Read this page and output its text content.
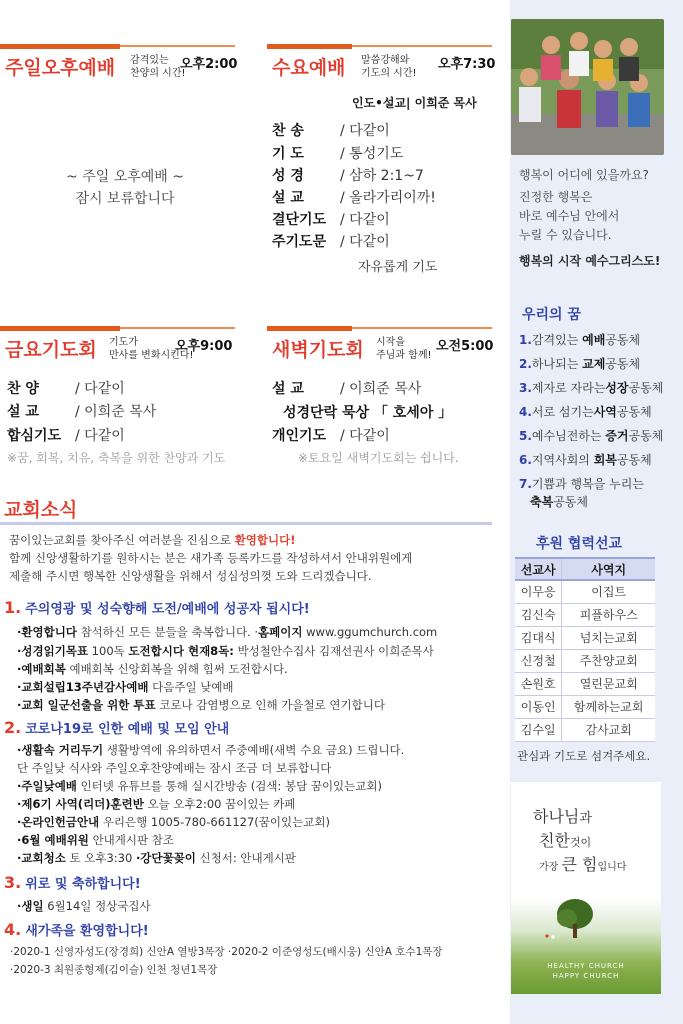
주일오후예배 감격있는
찬양의 시간!
오후2:00
~ 주일 오후예배 ~
잠시 보류합니다
수요예배 말씀강해와
기도의 시간!
오후7:30
인도•설교| 이희준 목사
찬 송	/ 다같이
기 도	/ 통성기도
성 경	/ 삼하 2:1~7
설 교	/ 올라가리이까!
결단기도 / 다같이
주기도문 / 다같이
자유롭게 기도
금요기도회 기도가
만사를 변화시킨다!
오후9:00
찬 양	/ 다같이
설 교	/ 이희준 목사
합심기도 / 다같이
※꿈, 회복, 치유, 축복을 위한 찬양과 기도
새벽기도회 시작을
주님과 함께!
오전5:00
설 교	/ 이희준 목사
성경단락 묵상 「 호세아 」
개인기도 / 다같이
※토요일 새벽기도회는 쉽니다.
교회소식
꿈이있는교회를 찾아주신 여러분을 진심으로 환영합니다!
함께 신앙생활하기를 원하시는 분은 새가족 등록카드를 작성하셔서 안내위원에게
제출해 주시면 행복한 신앙생활을 위해서 성심성의껏 도와 드리겠습니다.
1. 주의영광 및 성숙향해 도전/예배에 성공자 됩시다!
·환영합니다 참석하신 모든 분들을 축복합니다. ·홈페이지 www.ggumchurch.com
·성경읽기목표 100독 도전합시다 현재8독: 박성철안수집사 김재선권사 이희준목사
·예배회복 예배회복 신앙회복을 위해 힘써 도전합시다.
·교회설립13주년감사예배 다음주일 낮예배
·교회 일군선출을 위한 투표 코로나 감염병으로 인해 가을철로 연기합니다
2. 코로나19로 인한 예배 및 모임 안내
·생활속 거리두기 생활방역에 유의하면서 주중예배(새벽 수요 금요) 드립니다.
단 주일낮 식사와 주일오후찬양예배는 잠시 조금 더 보류합니다
·주일낮예배 인터넷 유튜브를 통해 실시간방송 (검색: 봉담 꿈이있는교회)
·제6기 사역(리더)훈련반 오늘 오후2:00 꿈이있는 카페
·온라인헌금안내 우리은행 1005-780-661127(꿈이있는교회)
·6월 예배위원 안내게시판 참조
·교회청소 토 오후3:30 ·강단꽃꽂이 신청서: 안내게시판
3. 위로 및 축하합니다!
·생일 6월14일 정상국집사
4. 새가족을 환영합니다!
·2020-1 신영자성도(장경희) 신안A 열방3목장 ·2020-2 이준영성도(배시웅) 신안A 호수1목장
·2020-3 최원종형제(김이슬) 인천 청년1목장
행복이 어디에 있을까요?
진정한 행복은
바로 예수님 안에서
누릴 수 있습니다.
행복의 시작 예수그리스도!
우리의 꿈
1.감격있는 예배공동체
2.하나되는 교제공동체
3.제자로 자라는성장공동체
4.서로 섬기는사역공동체
5.예수님전하는 증거공동체
6.지역사회의 회복공동체
7.기쁨과 행복을 누리는
축복공동체
후원 협력선교
선교사	사역지
이무응	이집트
김신숙	피플하우스
김대식	넘치는교회
신정철	주찬양교회
손원호	열린문교회
이동인	함께하는교회
김수일	감사교회
관심과 기도로 섬겨주세요.
하나님과
친한것이
가장 큰 힘입니다
HEALTHY CHURCH
HAPPY CHURCH
